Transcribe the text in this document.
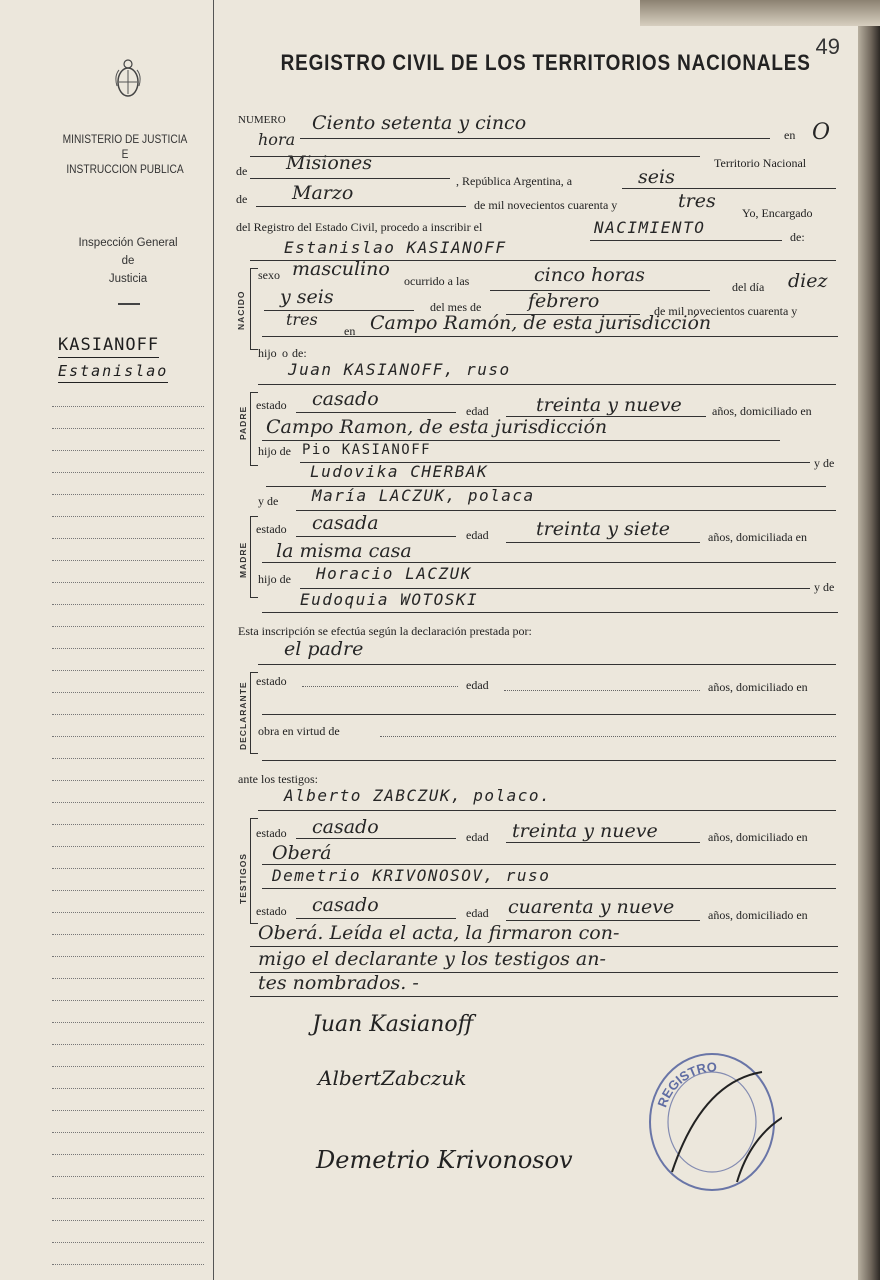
49
MINISTERIO DE JUSTICIA
E
INSTRUCCION PUBLICA
Inspección General
de
Justicia
KASIANOFF
Estanislao
REGISTRO CIVIL DE LOS TERRITORIOS NACIONALES
NUMERO Ciento setenta y cinco
en O
hora
Misiones
de
Territorio Nacional
, República Argentina, a	seis
de Marzo
de mil novecientos cuarenta y	tres
Yo, Encargado
del Registro del Estado Civil, procedo a inscribir el	NACIMIENTO	de:
Estanislao KASIANOFF
NACIDO
sexo masculino
ocurrido a las	cinco horas
del día diez
y seis	del mes de febrero	de mil novecientos cuarenta y
tres
en Campo Ramón, de esta jurisdicción
hijo o de:
Juan KASIANOFF, ruso
PADRE
estado casado
edad treinta y nueve	años, domiciliado en
Campo Ramon, de esta jurisdicción
hijo de Pio KASIANOFF
y de
Ludovika CHERBAK
y de María LACZUK, polaca
MADRE
estado casada
edad treinta y siete	años, domiciliada en
la misma casa
hijo de Horacio LACZUK
y de
Eudoquia WOTOSKI
Esta inscripción se efectúa según la declaración prestada por:
el padre
DECLARANTE
estado	edad	años, domiciliado en
obra en virtud de
ante los testigos:
Alberto ZABCZUK, polaco.
TESTIGOS
estado casado	edad treinta y nueve	años, domiciliado en
Oberá
Demetrio KRIVONOSOV, ruso
estado casado	edad cuarenta y nueve	años, domiciliado en
Oberá. Leída el acta, la firmaron con-
migo el declarante y los testigos an-
tes nombrados. -
Juan Kasianoff
AlbertZabczuk
Demetrio Krivonosov
REGISTRO
